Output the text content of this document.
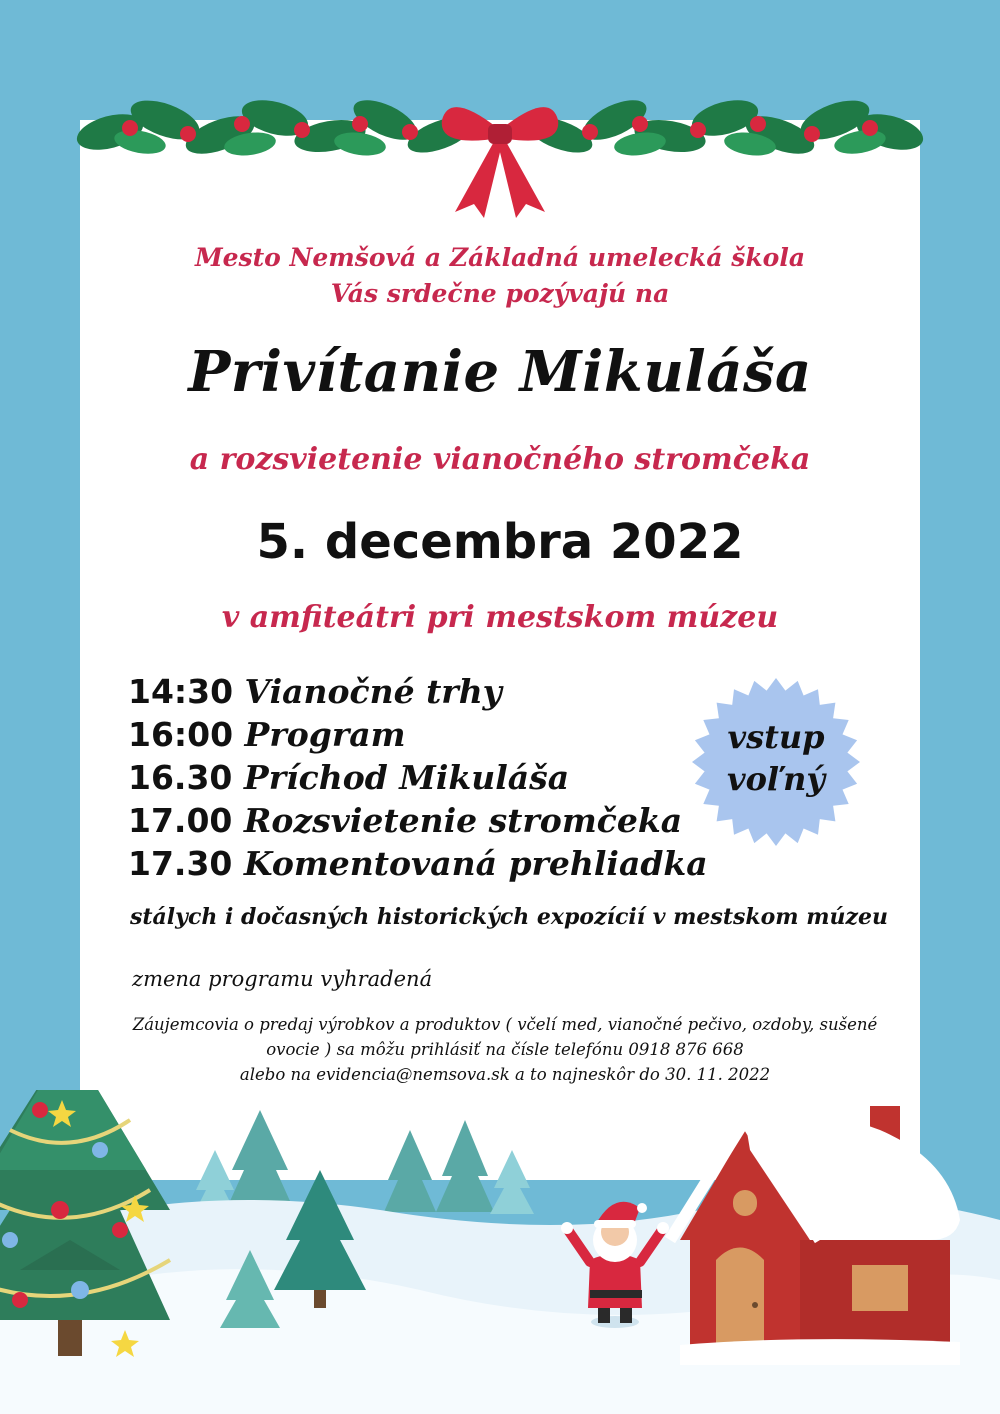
Mesto Nemšová a Základná umelecká škola

Vás srdečne pozývajú na

Privítanie Mikuláša

a rozsvietenie vianočného stromčeka

5. decembra 2022

v amfiteátri pri mestskom múzeu

14:30 Vianočné trhy
16:00 Program
16.30 Príchod Mikuláša
17.00 Rozsvietenie stromčeka
17.30 Komentovaná prehliadka

stálych i dočasných historických expozícií v mestskom múzeu

vstup
voľný

zmena programu vyhradená

Záujemcovia o predaj výrobkov a produktov ( včelí med, vianočné pečivo, ozdoby, sušené
ovocie ) sa môžu prihlásiť na čísle telefónu 0918 876 668
alebo na evidencia@nemsova.sk a to najneskôr do 30. 11. 2022
